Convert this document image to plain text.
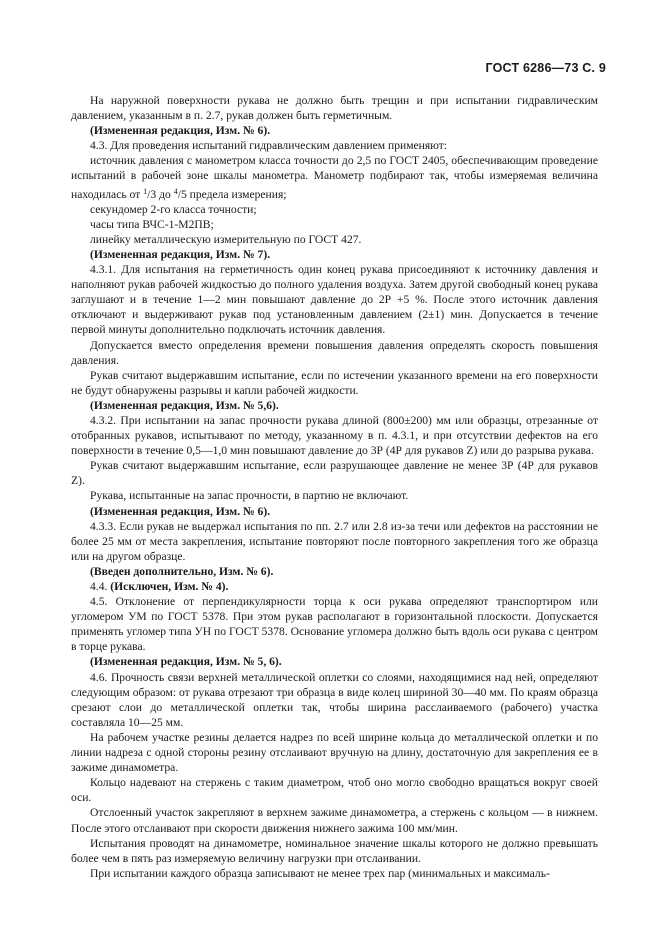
ГОСТ 6286—73 С. 9

На наружной поверхности рукава не должно быть трещин и при испытании гидравлическим давлением, указанным в п. 2.7, рукав должен быть герметичным.

(Измененная редакция, Изм. № 6).

4.3. Для проведения испытаний гидравлическим давлением применяют:

источник давления с манометром класса точности до 2,5 по ГОСТ 2405, обеспечивающим проведение испытаний в рабочей зоне шкалы манометра. Манометр подбирают так, чтобы измеряемая величина находилась от $^1$/3 до $^4$/5 предела измерения;

секундомер 2-го класса точности;

часы типа ВЧС-1-М2ПВ;

линейку металлическую измерительную по ГОСТ 427.

(Измененная редакция, Изм. № 7).

4.3.1. Для испытания на герметичность один конец рукава присоединяют к источнику давления и наполняют рукав рабочей жидкостью до полного удаления воздуха. Затем другой свободный конец рукава заглушают и в течение 1—2 мин повышают давление до 2Р +5 %. После этого источник давления отключают и выдерживают рукав под установленным давлением (2±1) мин. Допускается в течение первой минуты дополнительно подключать источник давления.

Допускается вместо определения времени повышения давления определять скорость повышения давления.

Рукав считают выдержавшим испытание, если по истечении указанного времени на его поверхности не будут обнаружены разрывы и капли рабочей жидкости.

(Измененная редакция, Изм. № 5,6).

4.3.2. При испытании на запас прочности рукава длиной (800±200) мм или образцы, отрезанные от отобранных рукавов, испытывают по методу, указанному в п. 4.3.1, и при отсутствии дефектов на его поверхности в течение 0,5—1,0 мин повышают давление до 3Р (4Р для рукавов Z) или до разрыва рукава.

Рукав считают выдержавшим испытание, если разрушающее давление не менее 3Р (4Р для рукавов Z).

Рукава, испытанные на запас прочности, в партию не включают.

(Измененная редакция, Изм. № 6).

4.3.3. Если рукав не выдержал испытания по пп. 2.7 или 2.8 из-за течи или дефектов на расстоянии не более 25 мм от места закрепления, испытание повторяют после повторного закрепления того же образца или на другом образце.

(Введен дополнительно, Изм. № 6).

4.4. (Исключен, Изм. № 4).

4.5. Отклонение от перпендикулярности торца к оси рукава определяют транспортиром или угломером УМ по ГОСТ 5378. При этом рукав располагают в горизонтальной плоскости. Допускается применять угломер типа УН по ГОСТ 5378. Основание угломера должно быть вдоль оси рукава с центром в торце рукава.

(Измененная редакция, Изм. № 5, 6).

4.6. Прочность связи верхней металлической оплетки со слоями, находящимися над ней, определяют следующим образом: от рукава отрезают три образца в виде колец шириной 30—40 мм. По краям образца срезают слои до металлической оплетки так, чтобы ширина расслаиваемого (рабочего) участка составляла 10—25 мм.

На рабочем участке резины делается надрез по всей ширине кольца до металлической оплетки и по линии надреза с одной стороны резину отслаивают вручную на длину, достаточную для закрепления ее в зажиме динамометра.

Кольцо надевают на стержень с таким диаметром, чтоб оно могло свободно вращаться вокруг своей оси.

Отслоенный участок закрепляют в верхнем зажиме динамометра, а стержень с кольцом — в нижнем. После этого отслаивают при скорости движения нижнего зажима 100 мм/мин.

Испытания проводят на динамометре, номинальное значение шкалы которого не должно превышать более чем в пять раз измеряемую величину нагрузки при отслаивании.

При испытании каждого образца записывают не менее трех пар (минимальных и максималь-
